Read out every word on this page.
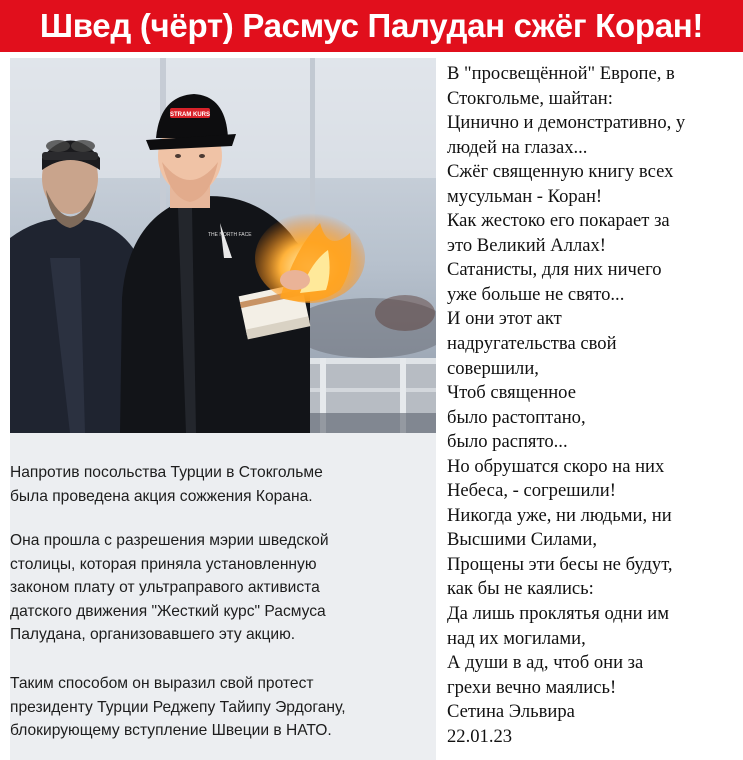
Швед (чёрт) Расмус Палудан сжёг Коран!
STRAM KURS
THE NORTH FACE

Напротив посольства Турции в Стокгольме
была проведена акция сожжения Корана.

Она прошла с разрешения мэрии шведской
столицы, которая приняла установленную
законом плату от ультраправого активиста
датского движения "Жесткий курс" Расмуса
Палудана, организовавшего эту акцию.

Таким способом он выразил свой протест
президенту Турции Реджепу Тайипу Эрдогану,
блокирующему вступление Швеции в НАТО.

В "просвещённой" Европе, в
Стокгольме, шайтан:
Цинично и демонстративно, у
людей на глазах...
Сжёг священную книгу всех
мусульман - Коран!
Как жестоко его покарает за
это Великий Аллах!
Сатанисты, для них ничего
уже больше не свято...
И они этот акт
надругательства свой
совершили,
Чтоб священное
было растоптано,
было распято...
Но обрушатся скоро на них
Небеса, - согрешили!
Никогда уже, ни людьми, ни
Высшими Силами,
Прощены эти бесы не будут,
как бы не каялись:
Да лишь проклятья одни им
над их могилами,
А души в ад, чтоб они за
грехи вечно маялись!
Сетина Эльвира
22.01.23
